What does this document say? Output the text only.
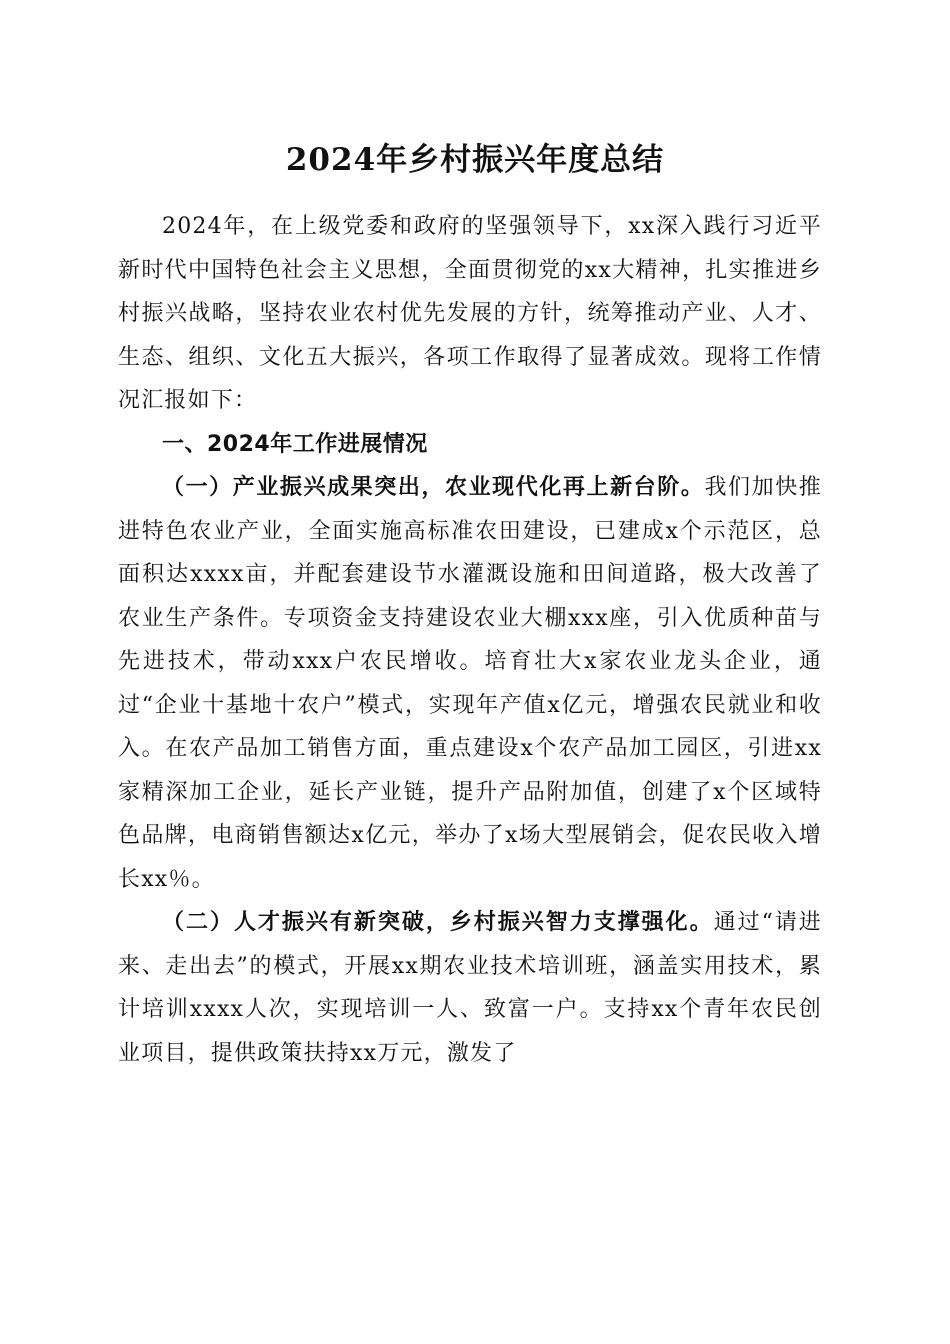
2024年乡村振兴年度总结

2024年，在上级党委和政府的坚强领导下，xx深入践行习近平新时代中国特色社会主义思想，全面贯彻党的xx大精神，扎实推进乡村振兴战略，坚持农业农村优先发展的方针，统筹推动产业、人才、生态、组织、文化五大振兴，各项工作取得了显著成效。现将工作情况汇报如下：

一、2024年工作进展情况

（一）产业振兴成果突出，农业现代化再上新台阶。我们加快推进特色农业产业，全面实施高标准农田建设，已建成x个示范区，总面积达xxxx亩，并配套建设节水灌溉设施和田间道路，极大改善了农业生产条件。专项资金支持建设农业大棚xxx座，引入优质种苗与先进技术，带动xxx户农民增收。培育壮大x家农业龙头企业，通过“企业十基地十农户”模式，实现年产值x亿元，增强农民就业和收入。在农产品加工销售方面，重点建设x个农产品加工园区，引进xx家精深加工企业，延长产业链，提升产品附加值，创建了x个区域特色品牌，电商销售额达x亿元，举办了x场大型展销会，促农民收入增长xx％。

（二）人才振兴有新突破，乡村振兴智力支撑强化。通过“请进来、走出去”的模式，开展xx期农业技术培训班，涵盖实用技术，累计培训xxxx人次，实现培训一人、致富一户。支持xx个青年农民创业项目，提供政策扶持xx万元，激发了
